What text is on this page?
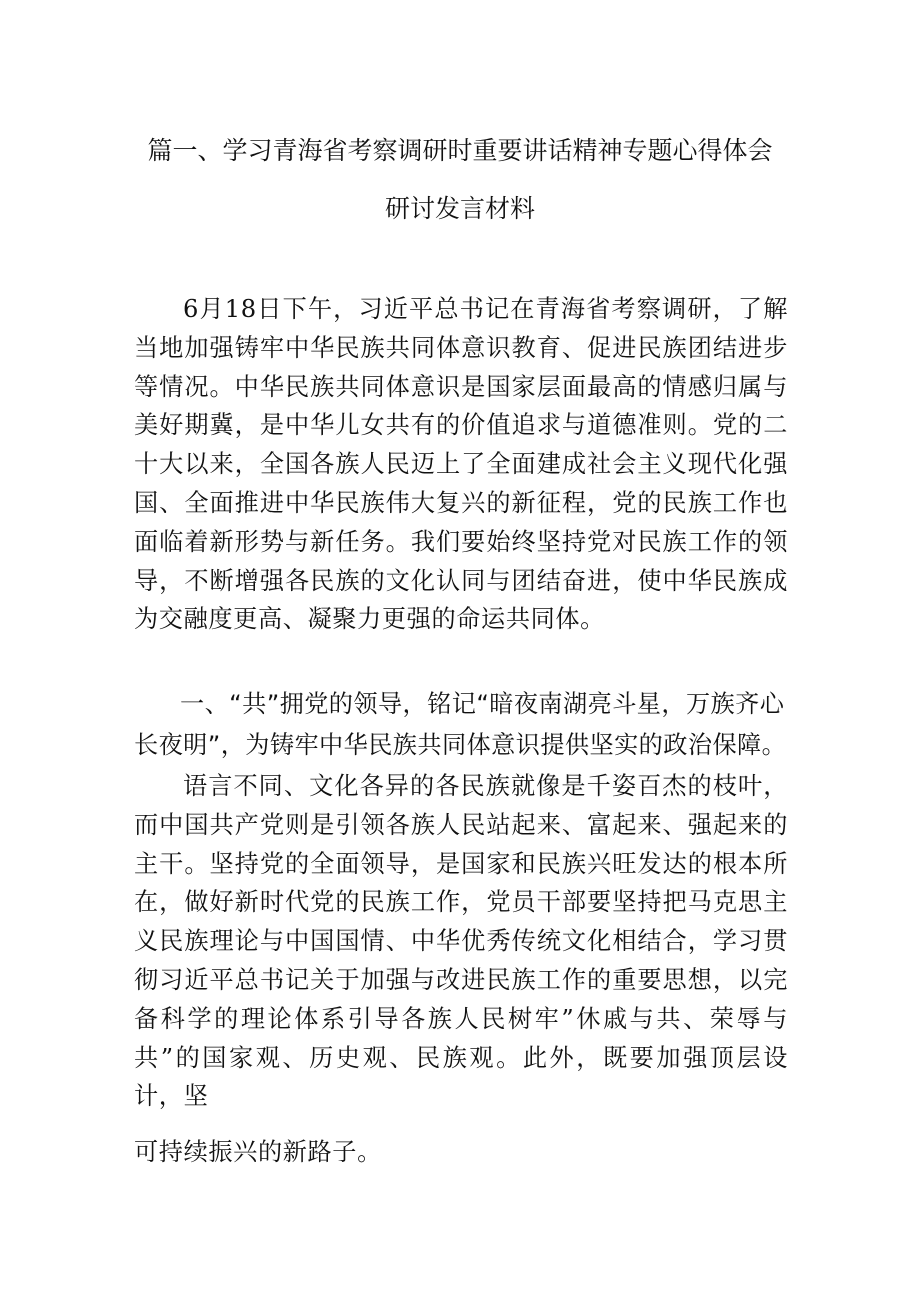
篇一、学习青海省考察调研时重要讲话精神专题心得体会
研讨发言材料
6月18日下午，习近平总书记在青海省考察调研，了解当地加强铸牢中华民族共同体意识教育、促进民族团结进步等情况。中华民族共同体意识是国家层面最高的情感归属与美好期冀，是中华儿女共有的价值追求与道德准则。党的二十大以来，全国各族人民迈上了全面建成社会主义现代化强国、全面推进中华民族伟大复兴的新征程，党的民族工作也面临着新形势与新任务。我们要始终坚持党对民族工作的领导，不断增强各民族的文化认同与团结奋进，使中华民族成为交融度更高、凝聚力更强的命运共同体。
一、“共”拥党的领导，铭记“暗夜南湖亮斗星，万族齐心长夜明”，为铸牢中华民族共同体意识提供坚实的政治保障。
语言不同、文化各异的各民族就像是千姿百杰的枝叶，而中国共产党则是引领各族人民站起来、富起来、强起来的主干。坚持党的全面领导，是国家和民族兴旺发达的根本所在，做好新时代党的民族工作，党员干部要坚持把马克思主义民族理论与中国国情、中华优秀传统文化相结合，学习贯彻习近平总书记关于加强与改进民族工作的重要思想，以完备科学的理论体系引导各族人民树牢”休戚与共、荣辱与共”的国家观、历史观、民族观。此外，既要加强顶层设计，坚
可持续振兴的新路子。
